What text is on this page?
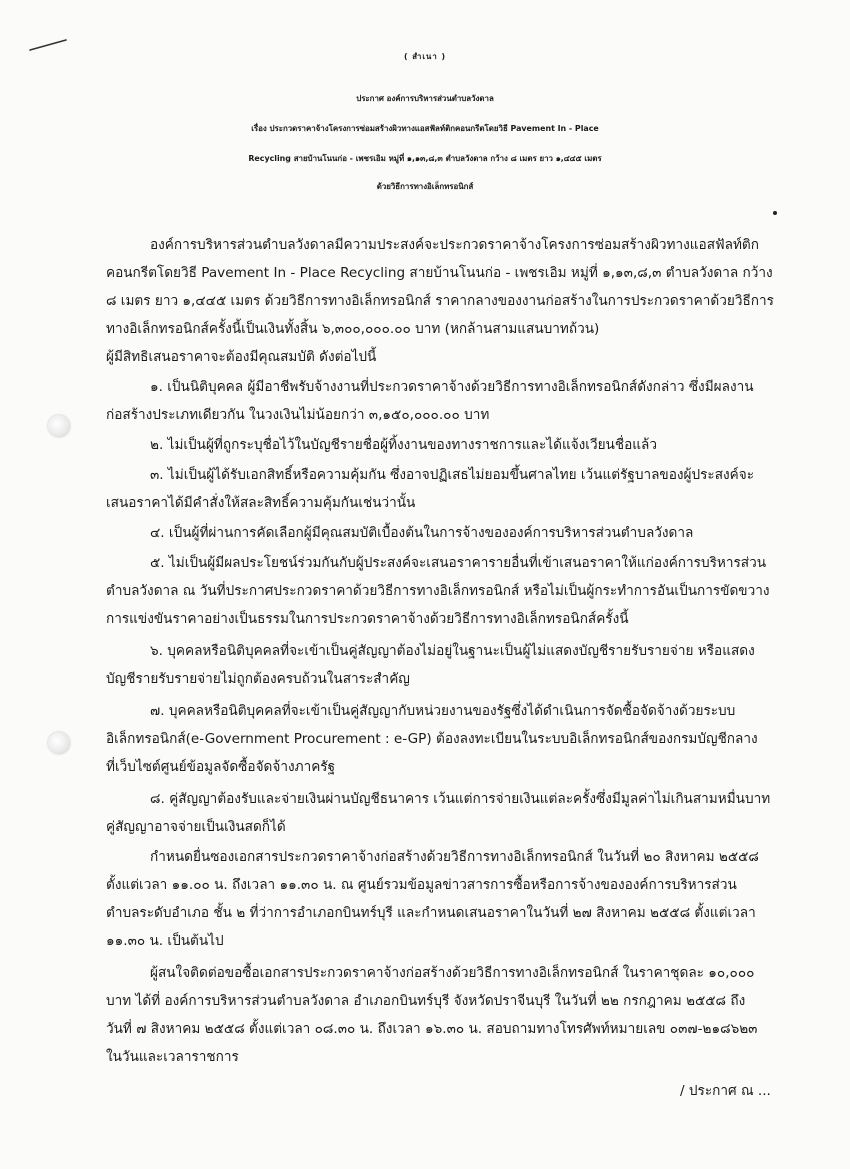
( สำเนา )
ประกาศ องค์การบริหารส่วนตำบลวังดาล
เรื่อง ประกวดราคาจ้างโครงการซ่อมสร้างผิวทางแอสฟัลท์ติกคอนกรีตโดยวิธี Pavement In - Place
Recycling สายบ้านโนนก่อ - เพชรเอิม หมู่ที่ ๑,๑๓,๘,๓ ตำบลวังดาล กว้าง ๘ เมตร ยาว ๑,๔๔๕ เมตร
ด้วยวิธีการทางอิเล็กทรอนิกส์
องค์การบริหารส่วนตำบลวังดาลมีความประสงค์จะประกวดราคาจ้างโครงการซ่อมสร้างผิวทางแอสฟัลท์ติก
คอนกรีตโดยวิธี Pavement In - Place Recycling สายบ้านโนนก่อ - เพชรเอิม หมู่ที่ ๑,๑๓,๘,๓ ตำบลวังดาล กว้าง
๘ เมตร ยาว ๑,๔๔๕ เมตร ด้วยวิธีการทางอิเล็กทรอนิกส์ ราคากลางของงานก่อสร้างในการประกวดราคาด้วยวิธีการ
ทางอิเล็กทรอนิกส์ครั้งนี้เป็นเงินทั้งสิ้น ๖,๓๐๐,๐๐๐.๐๐ บาท (หกล้านสามแสนบาทถ้วน)
ผู้มีสิทธิเสนอราคาจะต้องมีคุณสมบัติ ดังต่อไปนี้
๑. เป็นนิติบุคคล ผู้มีอาชีพรับจ้างงานที่ประกวดราคาจ้างด้วยวิธีการทางอิเล็กทรอนิกส์ดังกล่าว ซึ่งมีผลงาน
ก่อสร้างประเภทเดียวกัน ในวงเงินไม่น้อยกว่า ๓,๑๕๐,๐๐๐.๐๐ บาท
๒. ไม่เป็นผู้ที่ถูกระบุชื่อไว้ในบัญชีรายชื่อผู้ทิ้งงานของทางราชการและได้แจ้งเวียนชื่อแล้ว
๓. ไม่เป็นผู้ได้รับเอกสิทธิ์หรือความคุ้มกัน ซึ่งอาจปฏิเสธไม่ยอมขึ้นศาลไทย เว้นแต่รัฐบาลของผู้ประสงค์จะ
เสนอราคาได้มีคำสั่งให้สละสิทธิ์ความคุ้มกันเช่นว่านั้น
๔. เป็นผู้ที่ผ่านการคัดเลือกผู้มีคุณสมบัติเบื้องต้นในการจ้างขององค์การบริหารส่วนตำบลวังดาล
๕. ไม่เป็นผู้มีผลประโยชน์ร่วมกันกับผู้ประสงค์จะเสนอราคารายอื่นที่เข้าเสนอราคาให้แก่องค์การบริหารส่วน
ตำบลวังดาล ณ วันที่ประกาศประกวดราคาด้วยวิธีการทางอิเล็กทรอนิกส์ หรือไม่เป็นผู้กระทำการอันเป็นการขัดขวาง
การแข่งขันราคาอย่างเป็นธรรมในการประกวดราคาจ้างด้วยวิธีการทางอิเล็กทรอนิกส์ครั้งนี้
๖. บุคคลหรือนิติบุคคลที่จะเข้าเป็นคู่สัญญาต้องไม่อยู่ในฐานะเป็นผู้ไม่แสดงบัญชีรายรับรายจ่าย หรือแสดง
บัญชีรายรับรายจ่ายไม่ถูกต้องครบถ้วนในสาระสำคัญ
๗. บุคคลหรือนิติบุคคลที่จะเข้าเป็นคู่สัญญากับหน่วยงานของรัฐซึ่งได้ดำเนินการจัดซื้อจัดจ้างด้วยระบบ
อิเล็กทรอนิกส์(e-Government Procurement : e-GP) ต้องลงทะเบียนในระบบอิเล็กทรอนิกส์ของกรมบัญชีกลาง
ที่เว็บไซต์ศูนย์ข้อมูลจัดซื้อจัดจ้างภาครัฐ
๘. คู่สัญญาต้องรับและจ่ายเงินผ่านบัญชีธนาคาร เว้นแต่การจ่ายเงินแต่ละครั้งซึ่งมีมูลค่าไม่เกินสามหมื่นบาท
คู่สัญญาอาจจ่ายเป็นเงินสดก็ได้
กำหนดยื่นซองเอกสารประกวดราคาจ้างก่อสร้างด้วยวิธีการทางอิเล็กทรอนิกส์ ในวันที่ ๒๐ สิงหาคม ๒๕๕๘
ตั้งแต่เวลา ๑๑.๐๐ น. ถึงเวลา ๑๑.๓๐ น. ณ ศูนย์รวมข้อมูลข่าวสารการซื้อหรือการจ้างขององค์การบริหารส่วน
ตำบลระดับอำเภอ ชั้น ๒ ที่ว่าการอำเภอกบินทร์บุรี และกำหนดเสนอราคาในวันที่ ๒๗ สิงหาคม ๒๕๕๘ ตั้งแต่เวลา
๑๑.๓๐ น. เป็นต้นไป
ผู้สนใจติดต่อขอซื้อเอกสารประกวดราคาจ้างก่อสร้างด้วยวิธีการทางอิเล็กทรอนิกส์ ในราคาชุดละ ๑๐,๐๐๐
บาท ได้ที่ องค์การบริหารส่วนตำบลวังดาล อำเภอกบินทร์บุรี จังหวัดปราจีนบุรี ในวันที่ ๒๒ กรกฎาคม ๒๕๕๘ ถึง
วันที่ ๗ สิงหาคม ๒๕๕๘ ตั้งแต่เวลา ๐๘.๓๐ น. ถึงเวลา ๑๖.๓๐ น. สอบถามทางโทรศัพท์หมายเลข ๐๓๗-๒๑๘๖๒๓
ในวันและเวลาราชการ
/ ประกาศ ณ ...
